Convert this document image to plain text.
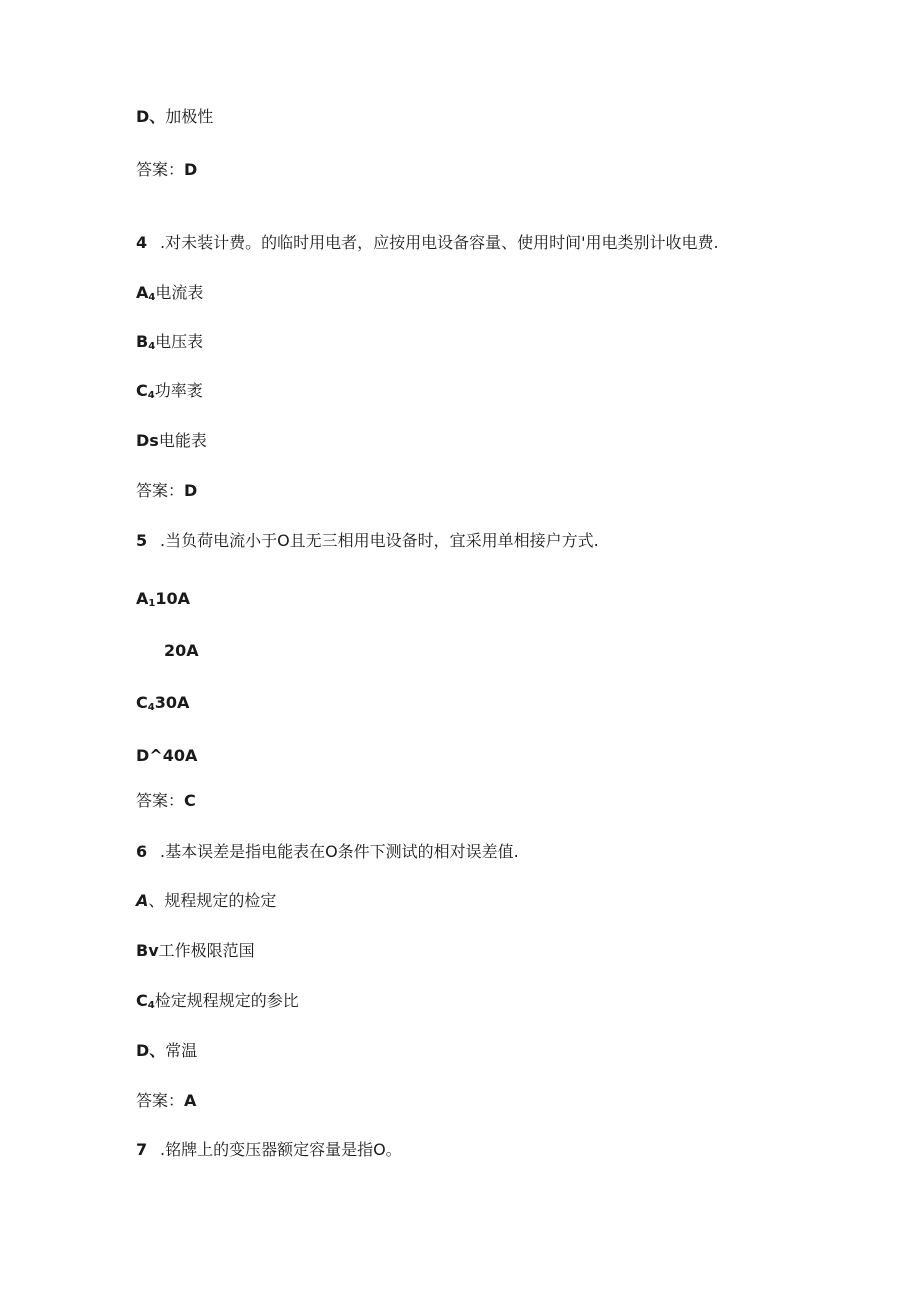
D、加极性
答案：D
4 .对未装计费。的临时用电者，应按用电设备容量、使用时间'用电类别计收电费.
$A_4$电流表
$B_4$电压表
$C_4$功率袤
Ds电能表
答案：D
5 .当负荷电流小于O且无三相用电设备时，宜采用单相接户方式.
$A_110A$
20A
$C_430A$
D^40A
答案：C
6 .基本误差是指电能表在O条件下测试的相对误差值.
A、规程规定的检定
Bv工作极限范国
$C_4$检定规程规定的参比
D、常温
答案：A
7 .铭牌上的变压器额定容量是指O。
